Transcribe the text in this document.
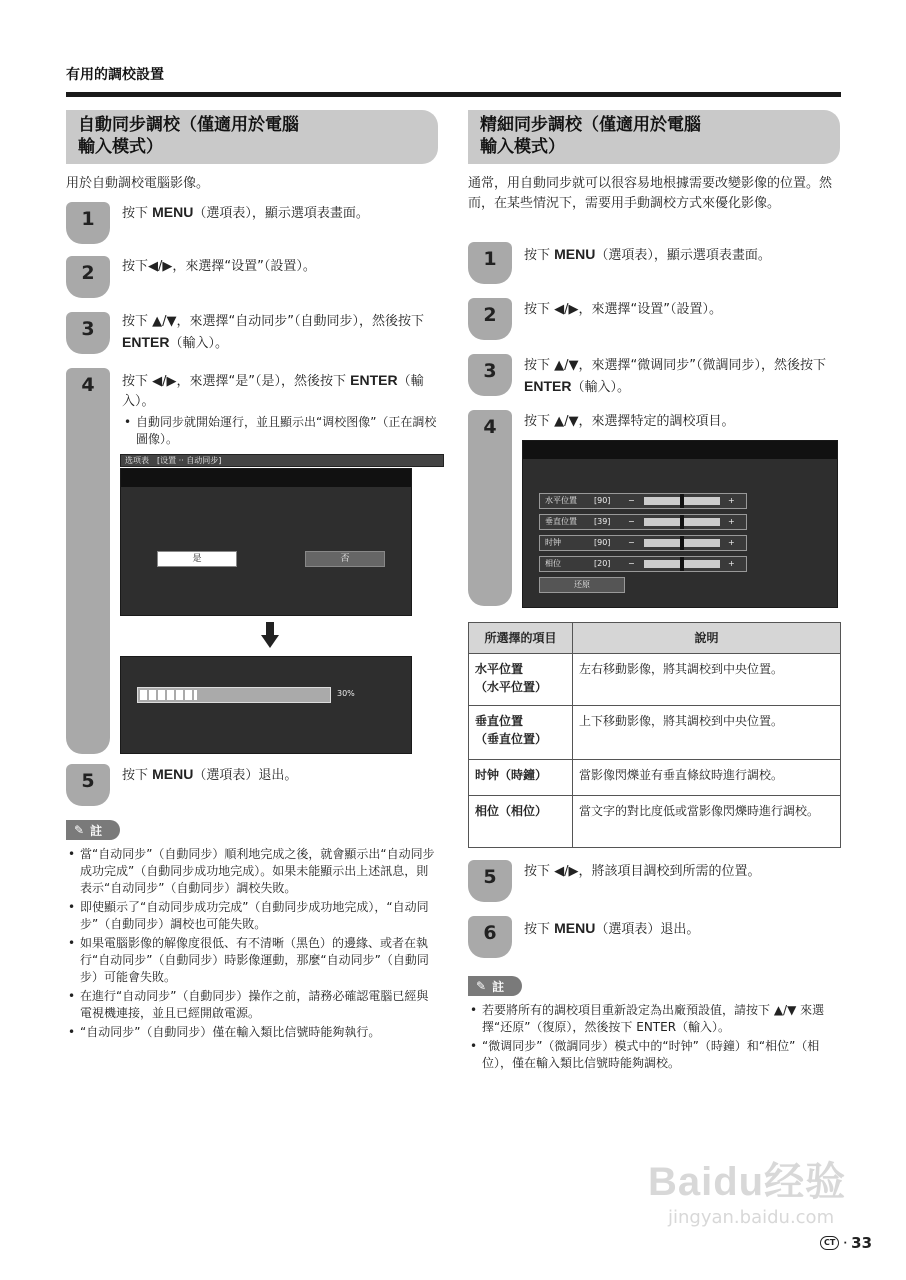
有用的調校設置
自動同步調校（僅適用於電腦
輸入模式）
用於自動調校電腦影像。
1	按下 MENU（選項表），顯示選項表畫面。
2	按下◀/▶，來選擇“设置”（設置）。
3	按下 ▲/▼，來選擇“自动同步”（自動同步），然後按下 ENTER（輸入）。
4	按下 ◀/▶，來選擇“是”（是），然後按下 ENTER（輸入）。
• 自動同步就開始運行，並且顯示出“调校图像”（正在調校圖像）。
选项表　[设置 ·· 自动同步]
是	否
30%
5	按下 MENU（選項表）退出。
✎ 註
• 當“自动同步”（自動同步）順利地完成之後，就會顯示出“自动同步成功完成”（自動同步成功地完成）。如果未能顯示出上述訊息，則表示“自动同步”（自動同步）調校失敗。
• 即使顯示了“自动同步成功完成”（自動同步成功地完成），“自动同步”（自動同步）調校也可能失敗。
• 如果電腦影像的解像度很低、有不清晰（黑色）的邊緣、或者在執行“自动同步”（自動同步）時影像運動，那麼“自动同步”（自動同步）可能會失敗。
• 在進行“自动同步”（自動同步）操作之前，請務必確認電腦已經與電視機連接，並且已經開啟電源。
• “自动同步”（自動同步）僅在輸入類比信號時能夠執行。
精細同步調校（僅適用於電腦
輸入模式）
通常，用自動同步就可以很容易地根據需要改變影像的位置。然而，在某些情況下，需要用手動調校方式來優化影像。
1	按下 MENU（選項表），顯示選項表畫面。
2	按下 ◀/▶，來選擇“设置”（設置）。
3	按下 ▲/▼，來選擇“微调同步”（微調同步），然後按下 ENTER（輸入）。
4	按下 ▲/▼，來選擇特定的調校項目。
水平位置 [90] −	+
垂直位置 [39] −	+
时钟	[90] −	+
相位	[20] −	+
还原
所選擇的項目	說明
水平位置
（水平位置）	左右移動影像，將其調校到中央位置。
垂直位置
（垂直位置）	上下移動影像，將其調校到中央位置。
时钟（時鐘）	當影像閃爍並有垂直條紋時進行調校。
相位（相位）	當文字的對比度低或當影像閃爍時進行調校。
5	按下 ◀/▶，將該項目調校到所需的位置。
6	按下 MENU（選項表）退出。
✎ 註
• 若要將所有的調校項目重新設定為出廠預設值，請按下 ▲/▼ 來選擇“还原”（復原），然後按下 ENTER（輸入）。
• “微调同步”（微調同步）模式中的“时钟”（時鐘）和“相位”（相位），僅在輸入類比信號時能夠調校。
Baidu经验
jingyan.baidu.com
CT · 33
